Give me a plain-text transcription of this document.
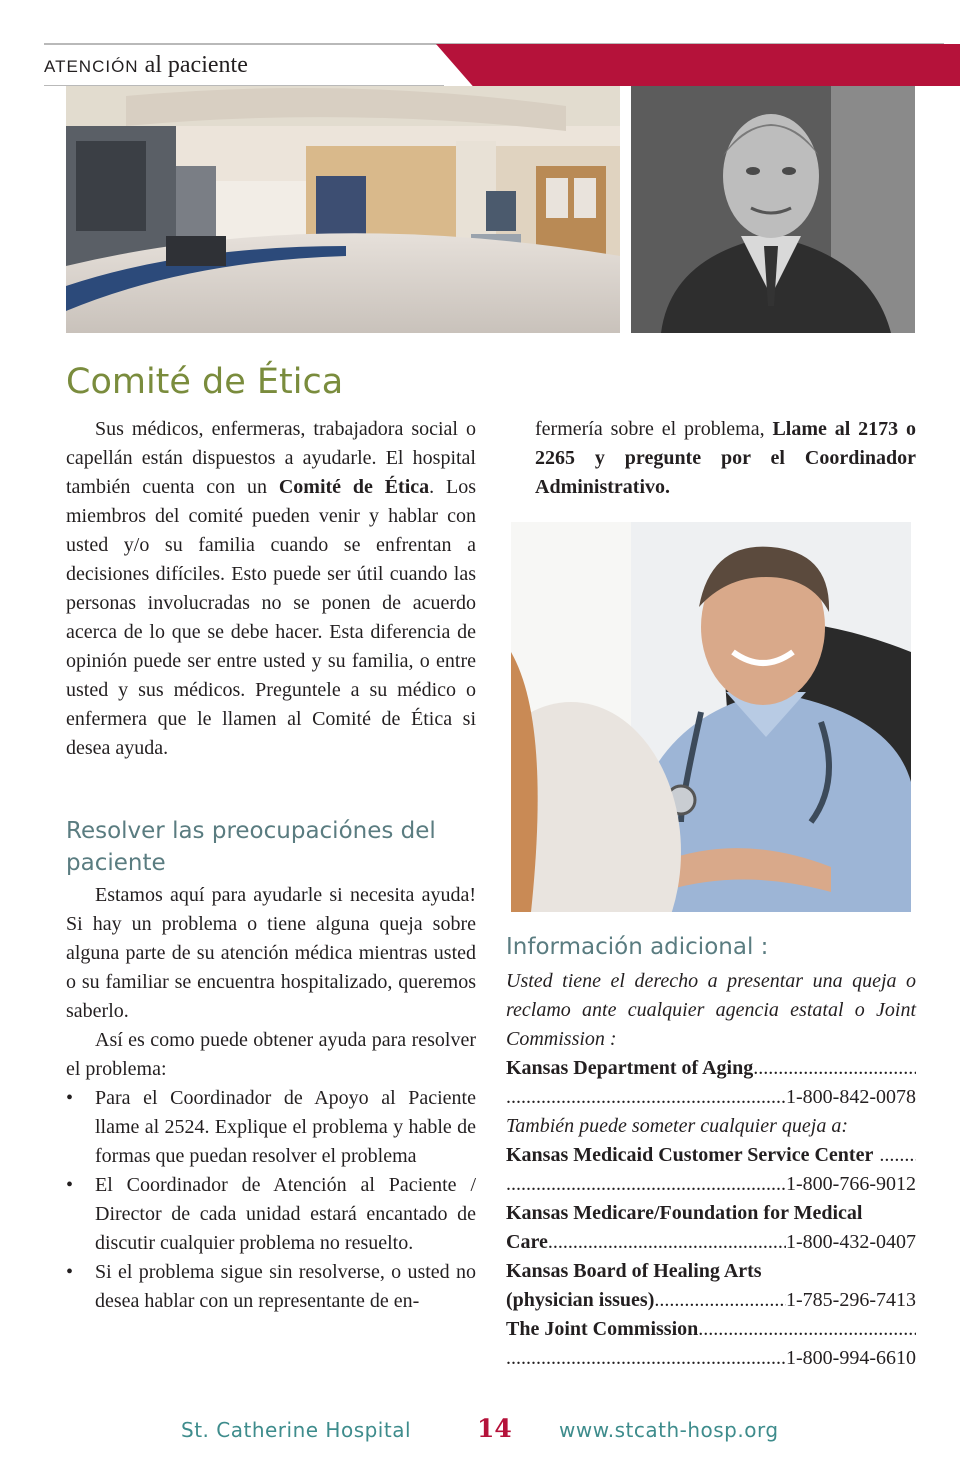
ATENCIÓN al paciente
Comité de Ética
Sus médicos, enfermeras, trabajadora social o capellán están dispuestos a ayudarle. El hospital también cuenta con un Comité de Ética. Los miembros del comité pueden venir y hablar con usted y/o su familia cuando se enfrentan a decisiones difíciles. Esto puede ser útil cuando las personas involucradas no se ponen de acuerdo acerca de lo que se debe hacer. Esta diferencia de opinión puede ser entre usted y su familia, o entre usted y sus médicos. Preguntele a su médico o enfermera que le llamen al Comité de Ética si desea ayuda.
Resolver las preocupaciónes del paciente
Estamos aquí para ayudarle si necesita ayuda! Si hay un problema o tiene alguna queja sobre alguna parte de su atención médica mientras usted o su familiar se encuentra hospitalizado, queremos saberlo.
Así es como puede obtener ayuda para resolver el problema:
• Para el Coordinador de Apoyo al Paciente llame al 2524. Explique el problema y hable de formas que puedan resolver el problema
• El Coordinador de Atención al Paciente / Director de cada unidad estará encantado de discutir cualquier problema no resuelto.
• Si el problema sigue sin resolverse, o usted no desea hablar con un representante de en-
fermería sobre el problema, Llame al 2173 o 2265 y pregunte por el Coordinador Administrativo.
Información adicional :
Usted tiene el derecho a presentar una queja o reclamo ante cualquier agencia estatal o Joint Commission :
Kansas Department of Aging
.....
.....
1-800-842-0078
También puede someter cualquier queja a:
Kansas Medicaid Customer Service Center
.....
.....
1-800-766-9012
Kansas Medicare/Foundation for Medical
Care .....	1-800-432-0407
Kansas Board of Healing Arts
(physician issues) .....	1-785-296-7413
The Joint Commission
.....
.....
1-800-994-6610
St. Catherine Hospital	14 www.stcath-hosp.org
